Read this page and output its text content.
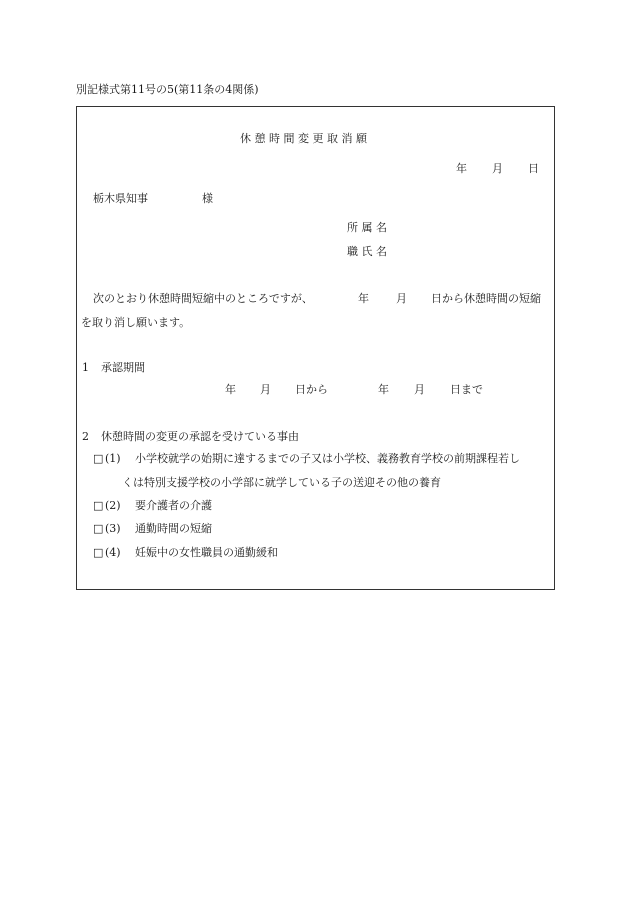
別記様式第11号の5(第11条の4関係)
休 憩 時 間 変 更 取 消 願
年 月 日
栃木県知事	様
所 属 名
職 氏 名
次のとおり休憩時間短縮中のところですが、	年 月 日から休憩時間の短縮
を取り消し願います。
1 承認期間
年 月 日から	年 月 日まで
2 休憩時間の変更の承認を受けている事由
□ (1) 小学校就学の始期に達するまでの子又は小学校、義務教育学校の前期課程若し
くは特別支援学校の小学部に就学している子の送迎その他の養育
□ (2) 要介護者の介護
□ (3) 通勤時間の短縮
□ (4) 妊娠中の女性職員の通勤緩和
